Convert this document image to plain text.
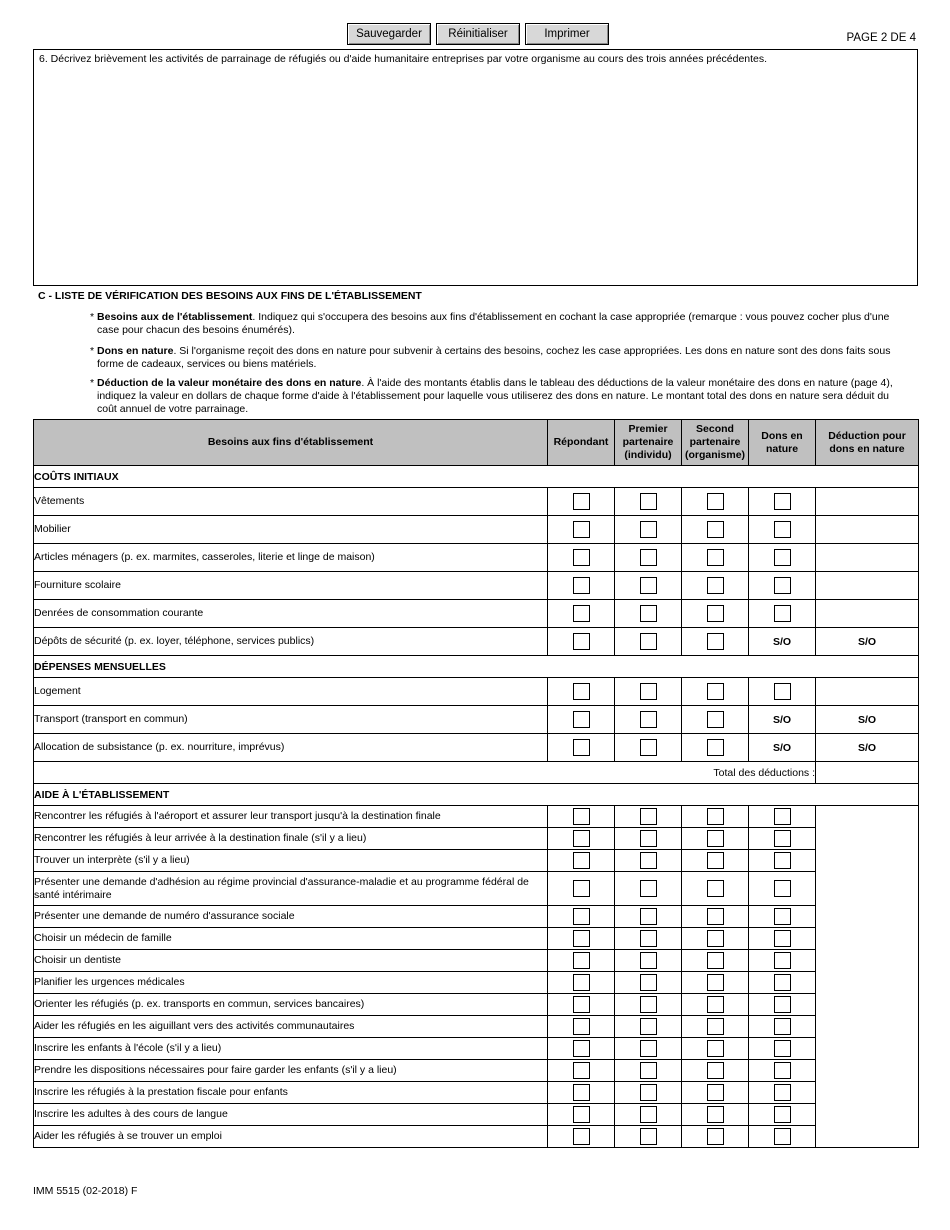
Sauvegarder	Réinitialiser	Imprimer	PAGE 2 DE 4
6. Décrivez brièvement les activités de parrainage de réfugiés ou d'aide humanitaire entreprises par votre organisme au cours des trois années précédentes.
C - LISTE DE VÉRIFICATION DES BESOINS AUX FINS DE L'ÉTABLISSEMENT
* Besoins aux de l'établissement. Indiquez qui s'occupera des besoins aux fins d'établissement en cochant la case appropriée (remarque : vous pouvez cocher plus d'une case pour chacun des besoins énumérés).
* Dons en nature. Si l'organisme reçoit des dons en nature pour subvenir à certains des besoins, cochez les case appropriées. Les dons en nature sont des dons faits sous forme de cadeaux, services ou biens matériels.
* Déduction de la valeur monétaire des dons en nature. À l'aide des montants établis dans le tableau des déductions de la valeur monétaire des dons en nature (page 4), indiquez la valeur en dollars de chaque forme d'aide à l'établissement pour laquelle vous utiliserez des dons en nature. Le montant total des dons en nature sera déduit du coût annuel de votre parrainage.
Besoins aux fins d'établissement	Répondant	Premier partenaire (individu)	Second partenaire (organisme)	Dons en nature	Déduction pour dons en nature
COÛTS INITIAUX					
Vêtements					
Mobilier					
Articles ménagers (p. ex. marmites, casseroles, literie et linge de maison)					
Fourniture scolaire					
Denrées de consommation courante					
Dépôts de sécurité (p. ex. loyer, téléphone, services publics)				S/O	S/O
DÉPENSES MENSUELLES					
Logement					
Transport (transport en commun)				S/O	S/O
Allocation de subsistance (p. ex. nourriture, imprévus)				S/O	S/O
Total des déductions :					
AIDE À L'ÉTABLISSEMENT					
Rencontrer les réfugiés à l'aéroport et assurer leur transport jusqu'à la destination finale					
Rencontrer les réfugiés à leur arrivée à la destination finale (s'il y a lieu)					
Trouver un interprète (s'il y a lieu)					
Présenter une demande d'adhésion au régime provincial d'assurance-maladie et au programme fédéral de santé intérimaire					
Présenter une demande de numéro d'assurance sociale					
Choisir un médecin de famille					
Choisir un dentiste					
Planifier les urgences médicales					
Orienter les réfugiés (p. ex. transports en commun, services bancaires)					
Aider les réfugiés en les aiguillant vers des activités communautaires					
Inscrire les enfants à l'école (s'il y a lieu)					
Prendre les dispositions nécessaires pour faire garder les enfants (s'il y a lieu)					
Inscrire les réfugiés à la prestation fiscale pour enfants					
Inscrire les adultes à des cours de langue					
Aider les réfugiés à se trouver un emploi					
IMM 5515 (02-2018) F
